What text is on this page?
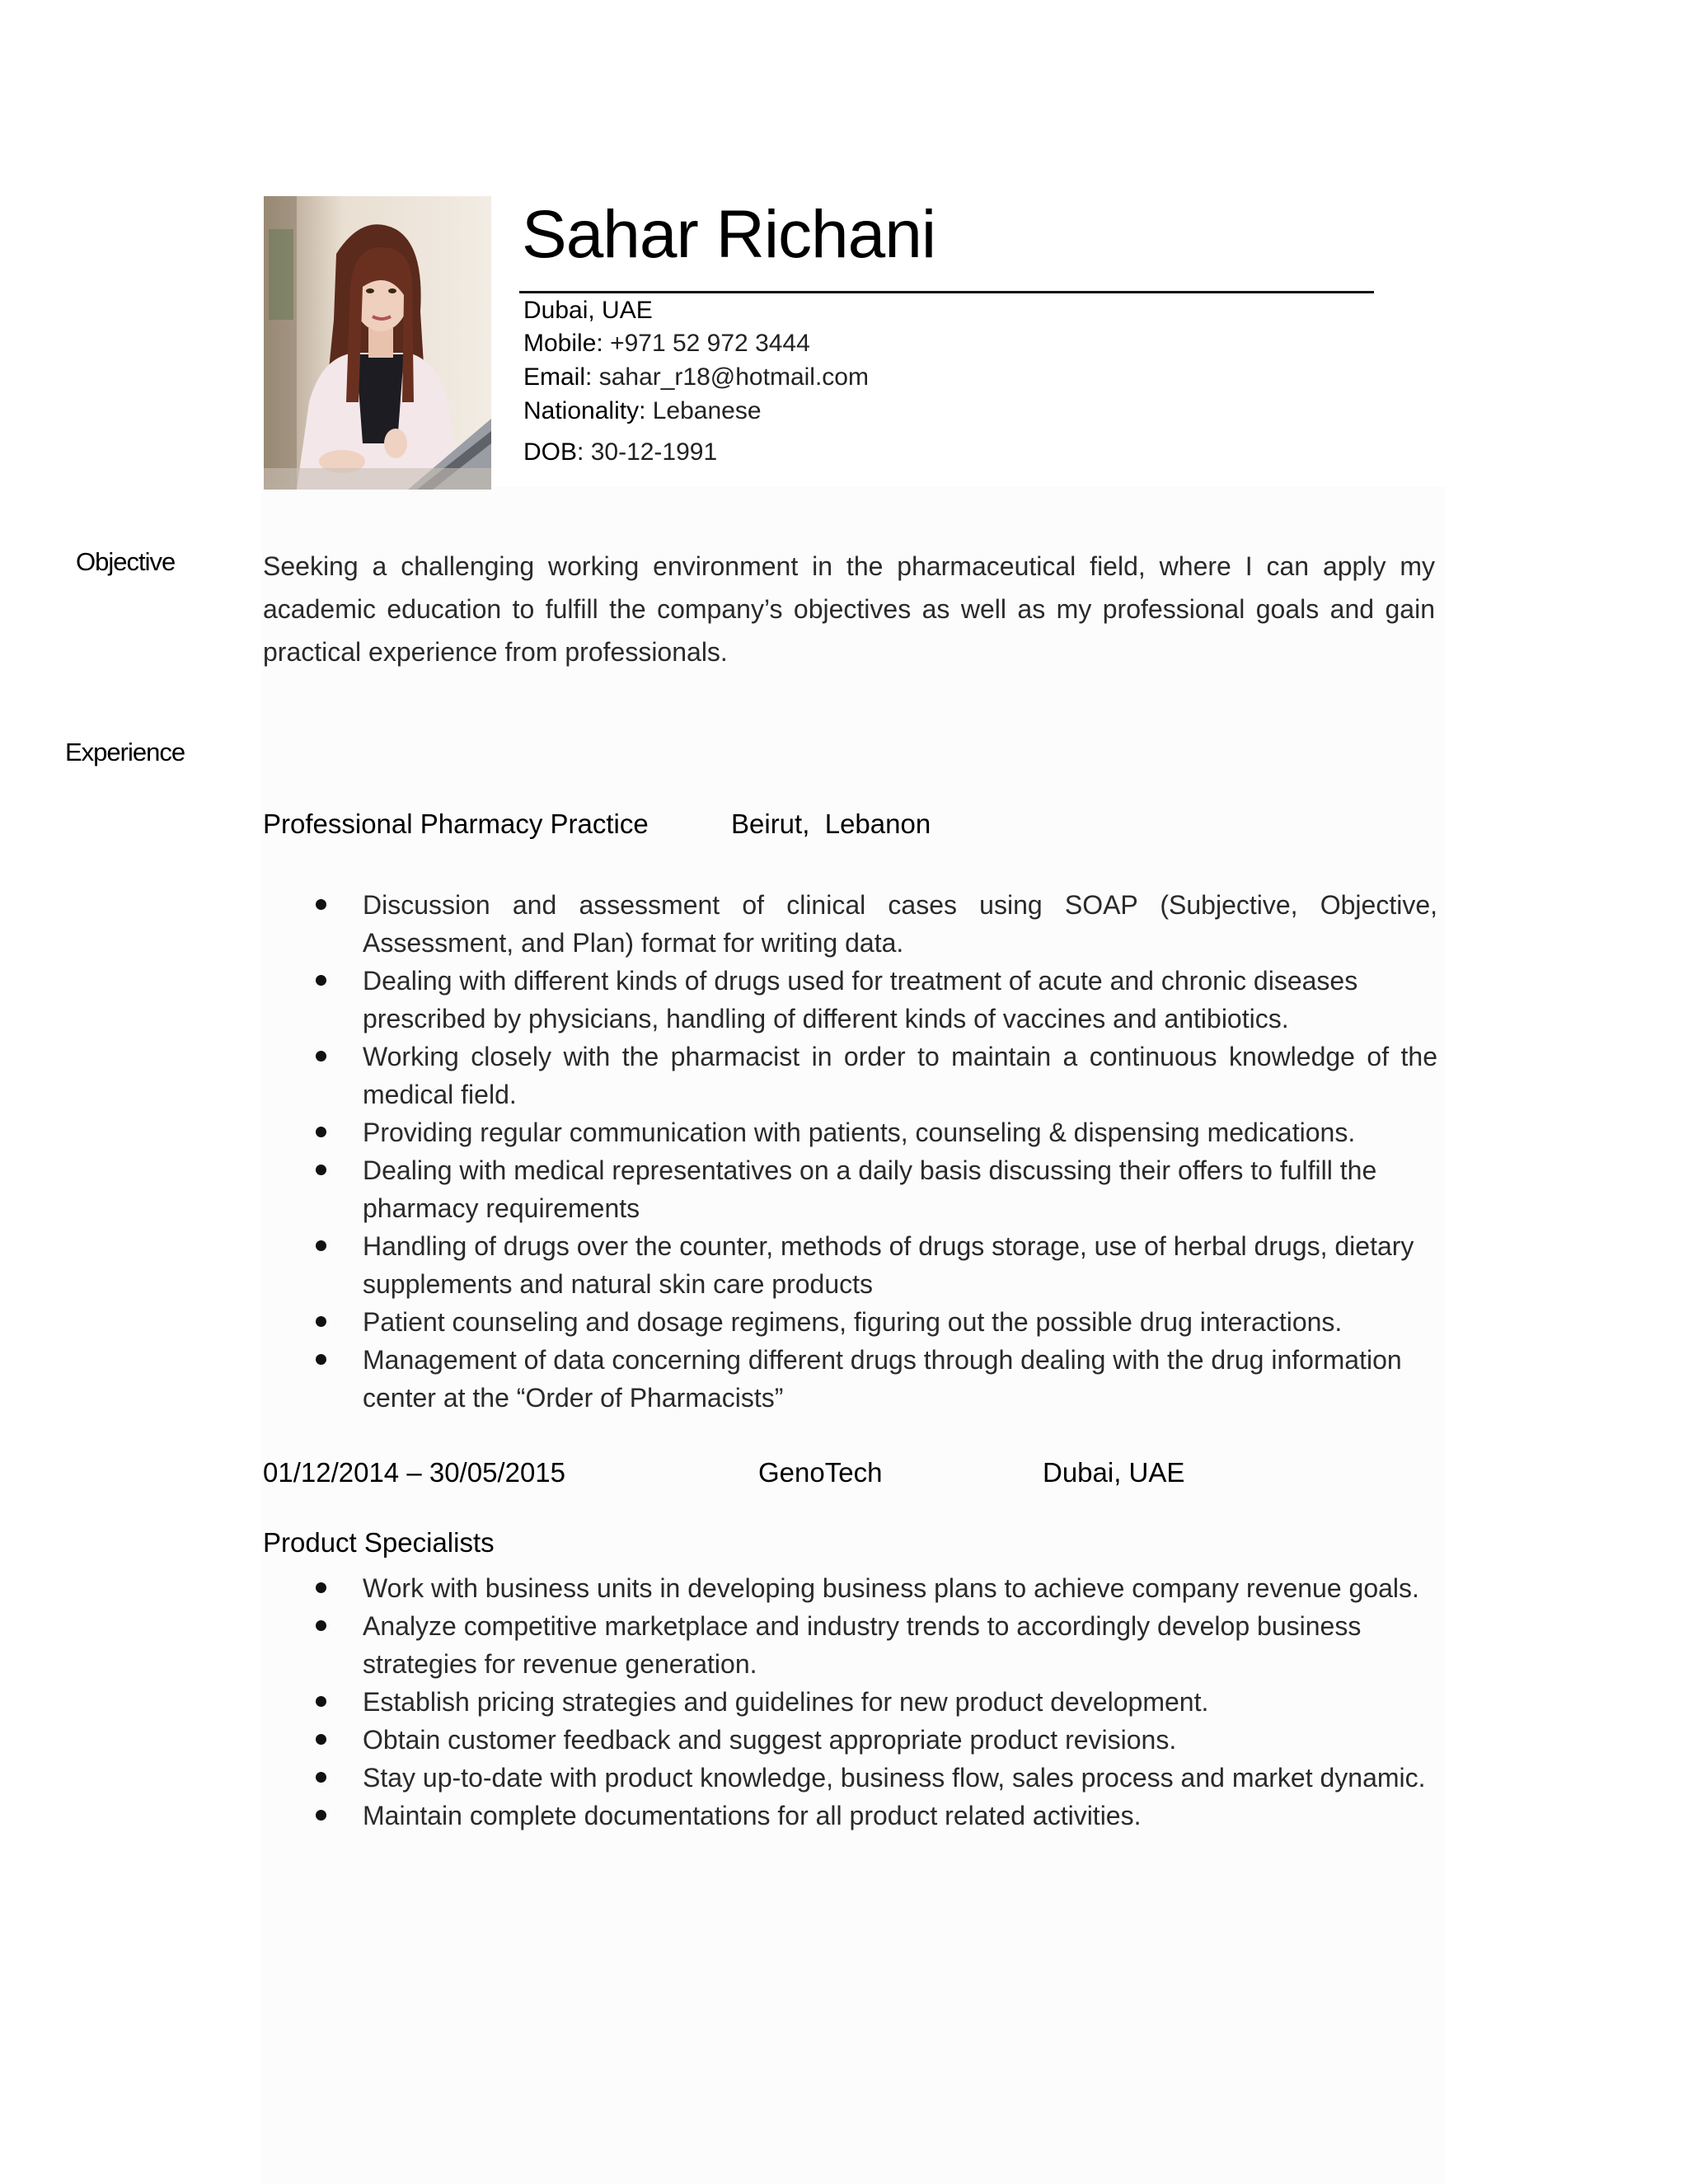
Sahar Richani
Dubai, UAE
Mobile: +971 52 972 3444
Email: sahar_r18@hotmail.com
Nationality: Lebanese
DOB: 30-12-1991
Objective	Seeking a challenging working environment in the pharmaceutical field, where I can apply my academic education to fulfill the company’s objectives as well as my professional goals and gain practical experience from professionals.
Experience
Professional Pharmacy Practice	Beirut,  Lebanon
Discussion and assessment of clinical cases using SOAP (Subjective, Objective, Assessment, and Plan) format for writing data.
Dealing with different kinds of drugs used for treatment of acute and chronic diseases prescribed by physicians, handling of different kinds of vaccines and antibiotics.
Working closely with the pharmacist in order to maintain a continuous knowledge of the medical field.
Providing regular communication with patients, counseling & dispensing medications.
Dealing with medical representatives on a daily basis discussing their offers to fulfill the pharmacy requirements
Handling of drugs over the counter, methods of drugs storage, use of herbal drugs, dietary supplements and natural skin care products
Patient counseling and dosage regimens, figuring out the possible drug interactions.
Management of data concerning different drugs through dealing with the drug information center at the “Order of Pharmacists”
01/12/2014 – 30/05/2015	GenoTech	Dubai, UAE
Product Specialists
Work with business units in developing business plans to achieve company revenue goals.
Analyze competitive marketplace and industry trends to accordingly develop business strategies for revenue generation.
Establish pricing strategies and guidelines for new product development.
Obtain customer feedback and suggest appropriate product revisions.
Stay up-to-date with product knowledge, business flow, sales process and market dynamic.
Maintain complete documentations for all product related activities.
